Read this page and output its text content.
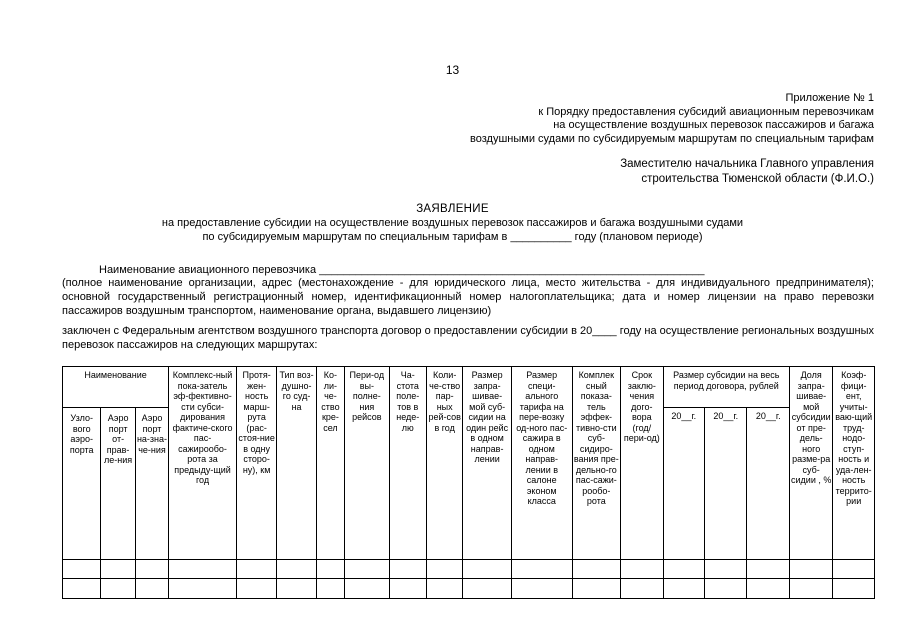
13
Приложение № 1
к Порядку предоставления субсидий авиационным перевозчикам
на осуществление воздушных перевозок пассажиров и багажа
воздушными судами по субсидируемым маршрутам по специальным тарифам
Заместителю начальника Главного управления
строительства Тюменской области (Ф.И.О.)
ЗАЯВЛЕНИЕ
на предоставление субсидии на осуществление воздушных перевозок пассажиров и багажа воздушными судами
по субсидируемым маршрутам по специальным тарифам в __________ году (плановом периоде)
Наименование авиационного перевозчика _______________________________________________________________
(полное наименование организации, адрес (местонахождение - для юридического лица, место жительства - для индивидуального предпринимателя); основной государственный регистрационный номер, идентификационный номер налогоплательщика; дата и номер лицензии на право перевозки пассажиров воздушным транспортом, наименование органа, выдавшего лицензию)
заключен с Федеральным агентством воздушного транспорта договор о предоставлении субсидии в 20____ году на осуществление региональных воздушных перевозок пассажиров на следующих маршрутах:
Наименование			Комплекс-ный пока-затель эф-фективно-сти субси-дирования фактиче-ского пас-сажирообо-рота за предыду-щий год	Протя-жен-ность марш-рута (рас-стоя-ние в одну сторо-ну), км	Тип воз-душно-го суд-на	Ко-ли-че-ство кре-сел	Пери-од вы-полне-ния рейсов	Ча-стота поле-тов в неде-лю	Коли-че-ство пар-ных рей-сов в год	Размер запра-шивае-мой суб-сидии на один рейс в одном направ-лении	Размер специ-ального тарифа на пере-возку од-ного пас-сажира в одном направ-лении в салоне эконом класса	Комплек сный показа-тель эффек-тивно-сти суб-сидиро-вания пре-дельно-го пас-сажи-рообо-рота	Срок заклю-чения дого-вора (год/ пери-од)	Размер субсидии на весь период договора, рублей			Доля запра-шивае-мой субсидии от пре-дель-ного разме-ра суб-сидии , %	Коэф-фици-ент, учиты-ваю-щий труд-нодо-ступ-ность и уда-лен-ность террито-рии
Узло-вого аэро-порта	Аэро порт от-прав-ле-ния	Аэро порт на-зна-че-ния												20__г.	20__г.	20__г.		
